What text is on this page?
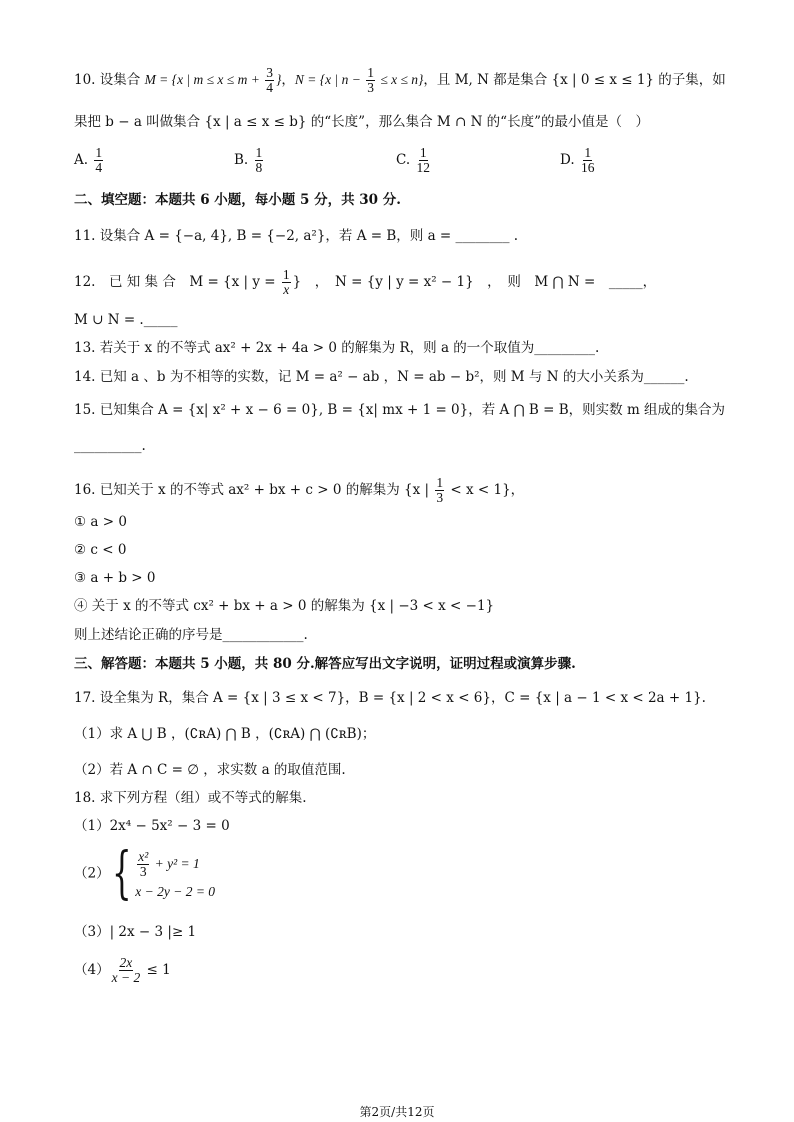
10. 设集合 M = {x | $m \le x \le m + \frac{3}{4}$ }，N = {x | $n - \frac{1}{3} \le x \le n$}，且 M, N 都是集合 {x | 0 ≤ x ≤ 1} 的子集，如
果把 b − a 叫做集合 {x | a ≤ x ≤ b} 的“长度”，那么集合 M ∩ N 的“长度”的最小值是（　）
A. $\frac{1}{4}$	B. $\frac{1}{8}$	C. $\frac{1}{12}$	D. $\frac{1}{16}$
二、填空题：本题共 6 小题，每小题 5 分，共 30 分.
11. 设集合 A = {−a, 4}, B = {−2, a²}，若 A = B，则 a = ________ .
12.　已 知 集 合　M = {x | $y = \frac{1}{x}$ }　，　N = {y | y = x² − 1}　，　则　M ⋂ N =　_____，
M ∪ N = ._____
13. 若关于 x 的不等式 ax² + 2x + 4a > 0 的解集为 R，则 a 的一个取值为_________.
14. 已知 a 、b 为不相等的实数，记 M = a² − ab ，N = ab − b²，则 M 与 N 的大小关系为______.
15. 已知集合 A = {x| x² + x − 6 = 0}, B = {x| mx + 1 = 0}，若 A ⋂ B = B，则实数 m 组成的集合为
__________.
16. 已知关于 x 的不等式 ax² + bx + c > 0 的解集为 {x | $\frac{1}{3} < x < 1$}，
① a > 0
② c < 0
③ a + b > 0
④ 关于 x 的不等式 cx² + bx + a > 0 的解集为 {x | −3 < x < −1}
则上述结论正确的序号是____________.
三、解答题：本题共 5 小题，共 80 分.解答应写出文字说明，证明过程或演算步骤.
17. 设全集为 R，集合 A = {x | 3 ≤ x < 7}，B = {x | 2 < x < 6}，C = {x | a − 1 < x < 2a + 1}.
（1）求 A ⋃ B ，(∁ʀA) ⋂ B ，(∁ʀA) ⋂ (∁ʀB)；
（2）若 A ∩ C = ∅ ，求实数 a 的取值范围.
18. 求下列方程（组）或不等式的解集.
（1）2x⁴ − 5x² − 3 = 0
（2） { $\frac{\text{x²}}{3} + y^2 = 1$
x − 2y − 2 = 0
（3）| 2x − 3 |≥ 1
$(4) \frac{2x}{x - 2} \le 1$
第2页/共12页
